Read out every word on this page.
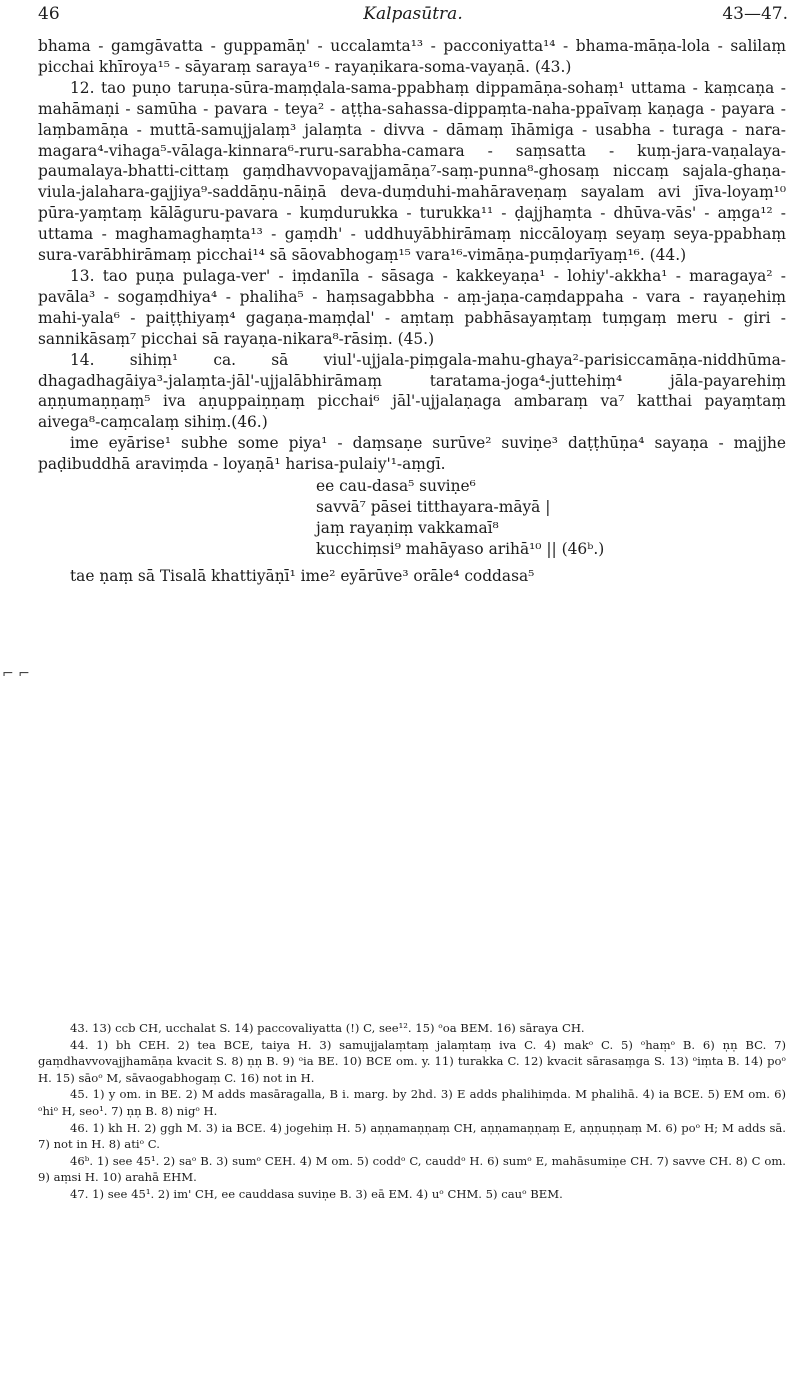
46	Kalpasūtra.	43—47.
⌐ ⌐

bhama - gamgāvatta - guppamāṇ' - uccalamta¹³ - pacconiyatta¹⁴ - bhama-māṇa-lola - salilaṃ picchai khīroya¹⁵ - sāyaraṃ saraya¹⁶ - rayaṇikara-soma-vayaṇā. (43.)

12. tao puṇo taruṇa-sūra-maṃḍala-sama-ppabhaṃ dippamāṇa-sohaṃ¹ uttama - kaṃcaṇa - mahāmaṇi - samūha - pavara - teya² - aṭṭha-sahassa-dippaṃta-naha-ppaīvaṃ kaṇaga - payara - laṃbamāṇa - muttā-samujjalaṃ³ jalaṃta - divva - dāmaṃ īhāmiga - usabha - turaga - nara-magara⁴-vihaga⁵-vālaga-kinnara⁶-ruru-sarabha-camara - saṃsatta - kuṃ-jara-vaṇalaya-paumalaya-bhatti-cittaṃ gaṃdhavvopavajjamāṇa⁷-saṃ-punna⁸-ghosaṃ niccaṃ sajala-ghaṇa-viula-jalahara-gajjiya⁹-saddāṇu-nāiṇā deva-duṃduhi-mahāraveṇaṃ sayalam avi jīva-loyaṃ¹⁰ pūra-yaṃtaṃ kālāguru-pavara - kuṃdurukka - turukka¹¹ - ḍajjhaṃta - dhūva-vās' - aṃga¹² - uttama - maghamaghaṃta¹³ - gaṃdh' - uddhuyābhirāmaṃ niccāloyaṃ seyaṃ seya-ppabhaṃ sura-varābhirāmaṃ picchai¹⁴ sā sāovabhogaṃ¹⁵ vara¹⁶-vimāṇa-puṃḍarīyaṃ¹⁶. (44.)

13. tao puṇa pulaga-ver' - iṃdanīla - sāsaga - kakkeyaṇa¹ - lohiy'-akkha¹ - maragaya² - pavāla³ - sogaṃdhiya⁴ - phaliha⁵ - haṃsagabbha - aṃ-jaṇa-caṃdappaha - vara - rayaṇehiṃ mahi-yala⁶ - paiṭṭhiyaṃ⁴ gagaṇa-maṃḍal' - aṃtaṃ pabhāsayaṃtaṃ tuṃgaṃ meru - giri - sannikāsaṃ⁷ picchai sā rayaṇa-nikara⁸-rāsiṃ. (45.)

14. sihiṃ¹ ca. sā viul'-ujjala-piṃgala-mahu-ghaya²-parisiccamāṇa-niddhūma-dhagadhagāiya³-jalaṃta-jāl'-ujjalābhirāmaṃ taratama-joga⁴-juttehiṃ⁴ jāla-payarehiṃ aṇṇumaṇṇaṃ⁵ iva aṇuppaiṇṇaṃ picchai⁶ jāl'-ujjalaṇaga ambaraṃ va⁷ katthai payaṃtaṃ aivega⁸-caṃcalaṃ sihiṃ.(46.)

ime eyārise¹ subhe some piya¹ - daṃsaṇe surūve² suviṇe³ daṭṭhūṇa⁴ sayaṇa - majjhe paḍibuddhā araviṃda - loyaṇā¹ harisa-pulaiy'¹-aṃgī.

ee cau-dasa⁵ suviṇe⁶
savvā⁷ pāsei titthayara-māyā |
jaṃ rayaṇiṃ vakkamaī⁸
kucchiṃsi⁹ mahāyaso arihā¹⁰ || (46ᵇ.)

tae ṇaṃ sā Tisalā khattiyāṇī¹ ime² eyārūve³ orāle⁴ coddasa⁵

43. 13) ccb CH, ucchalat S. 14) paccovaliyatta (!) C, see¹². 15) ᵒoa BEM. 16) sāraya CH.

44. 1) bh CEH. 2) tea BCE, taiya H. 3) samujjalaṃtaṃ jalaṃtaṃ iva C. 4) makᵒ C. 5) ᵒhaṃᵒ B. 6) ṇṇ BC. 7) gaṃdhavvovajjhamāṇa kvacit S. 8) ṇṇ B. 9) ᵒia BE. 10) BCE om. y. 11) turakka C. 12) kvacit sārasaṃga S. 13) ᵒiṃta B. 14) poᵒ H. 15) sāoᵒ M, sāvaogabhogaṃ C. 16) not in H.

45. 1) y om. in BE. 2) M adds masāragalla, B i. marg. by 2hd. 3) E adds phalihiṃda. M phalihā. 4) ia BCE. 5) EM om. 6) ᵒhiᵒ H, seo¹. 7) ṇṇ B. 8) nigᵒ H.

46. 1) kh H. 2) ggh M. 3) ia BCE. 4) jogehiṃ H. 5) aṇṇamaṇṇaṃ CH, aṇṇamaṇṇaṃ E, aṇṇuṇṇaṃ M. 6) poᵒ H; M adds sā. 7) not in H. 8) atiᵒ C.

46ᵇ. 1) see 45¹. 2) saᵒ B. 3) sumᵒ CEH. 4) M om. 5) coddᵒ C, cauddᵒ H. 6) sumᵒ E, mahāsumiṇe CH. 7) savve CH. 8) C om. 9) aṃsi H. 10) arahā EHM.

47. 1) see 45¹. 2) im' CH, ee cauddasa suviṇe B. 3) eā EM. 4) uᵒ CHM. 5) cauᵒ BEM.
